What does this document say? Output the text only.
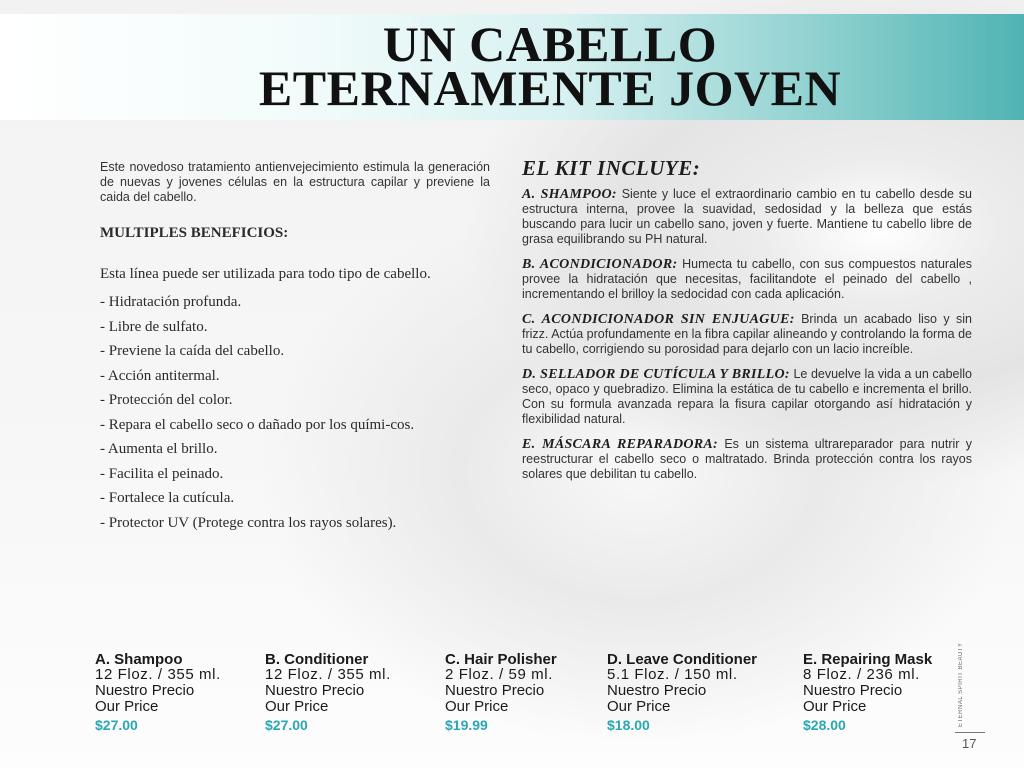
UN CABELLO
ETERNAMENTE JOVEN

Este novedoso tratamiento antienvejecimiento estimula la generación de nuevas y jovenes células en la estructura capilar y previene la caida del cabello.

MULTIPLES BENEFICIOS:

Esta línea puede ser utilizada para todo tipo de cabello.

- Hidratación profunda.
- Libre de sulfato.
- Previene la caída del cabello.
- Acción antitermal.
- Protección del color.
- Repara el cabello seco o dañado por los quími-cos.
- Aumenta el brillo.
- Facilita el peinado.
- Fortalece la cutícula.
- Protector UV (Protege contra los rayos solares).
EL KIT INCLUYE:

A. SHAMPOO: Siente y luce el extraordinario cambio en tu cabello desde su estructura interna, provee la suavidad, sedosidad y la belleza que estás buscando para lucir un cabello sano, joven y fuerte. Mantiene tu cabello libre de grasa equilibrando su PH natural.

B. ACONDICIONADOR: Humecta tu cabello, con sus compuestos naturales provee la hidratación que necesitas, facilitandote el peinado del cabello , incrementando el brilloy la sedocidad con cada aplicación.

C. ACONDICIONADOR SIN ENJUAGUE: Brinda un acabado liso y sin frizz. Actúa profundamente en la fibra capilar alineando y controlando la forma de tu cabello, corrigiendo su porosidad para dejarlo con un lacio increíble.

D. SELLADOR DE CUTÍCULA Y BRILLO: Le devuelve la vida a un cabello seco, opaco y quebradizo. Elimina la estática de tu cabello e incrementa el brillo. Con su formula avanzada repara la fisura capilar otorgando así hidratación y flexibilidad natural.

E. MÁSCARA REPARADORA: Es un sistema ultrareparador para nutrir y reestructurar el cabello seco o maltratado. Brinda protección contra los rayos solares que debilitan tu cabello.

A. Shampoo
12 Floz. / 355 ml.
Nuestro Precio
Our Price
$27.00
B. Conditioner
12 Floz. / 355 ml.
Nuestro Precio
Our Price
$27.00
C. Hair Polisher
2 Floz. / 59 ml.
Nuestro Precio
Our Price
$19.99
D. Leave Conditioner
5.1 Floz. / 150 ml.
Nuestro Precio
Our Price
$18.00
E. Repairing Mask
8 Floz. / 236 ml.
Nuestro Precio
Our Price
$28.00	ETERNAL SPIRIT BEAUTY
17
